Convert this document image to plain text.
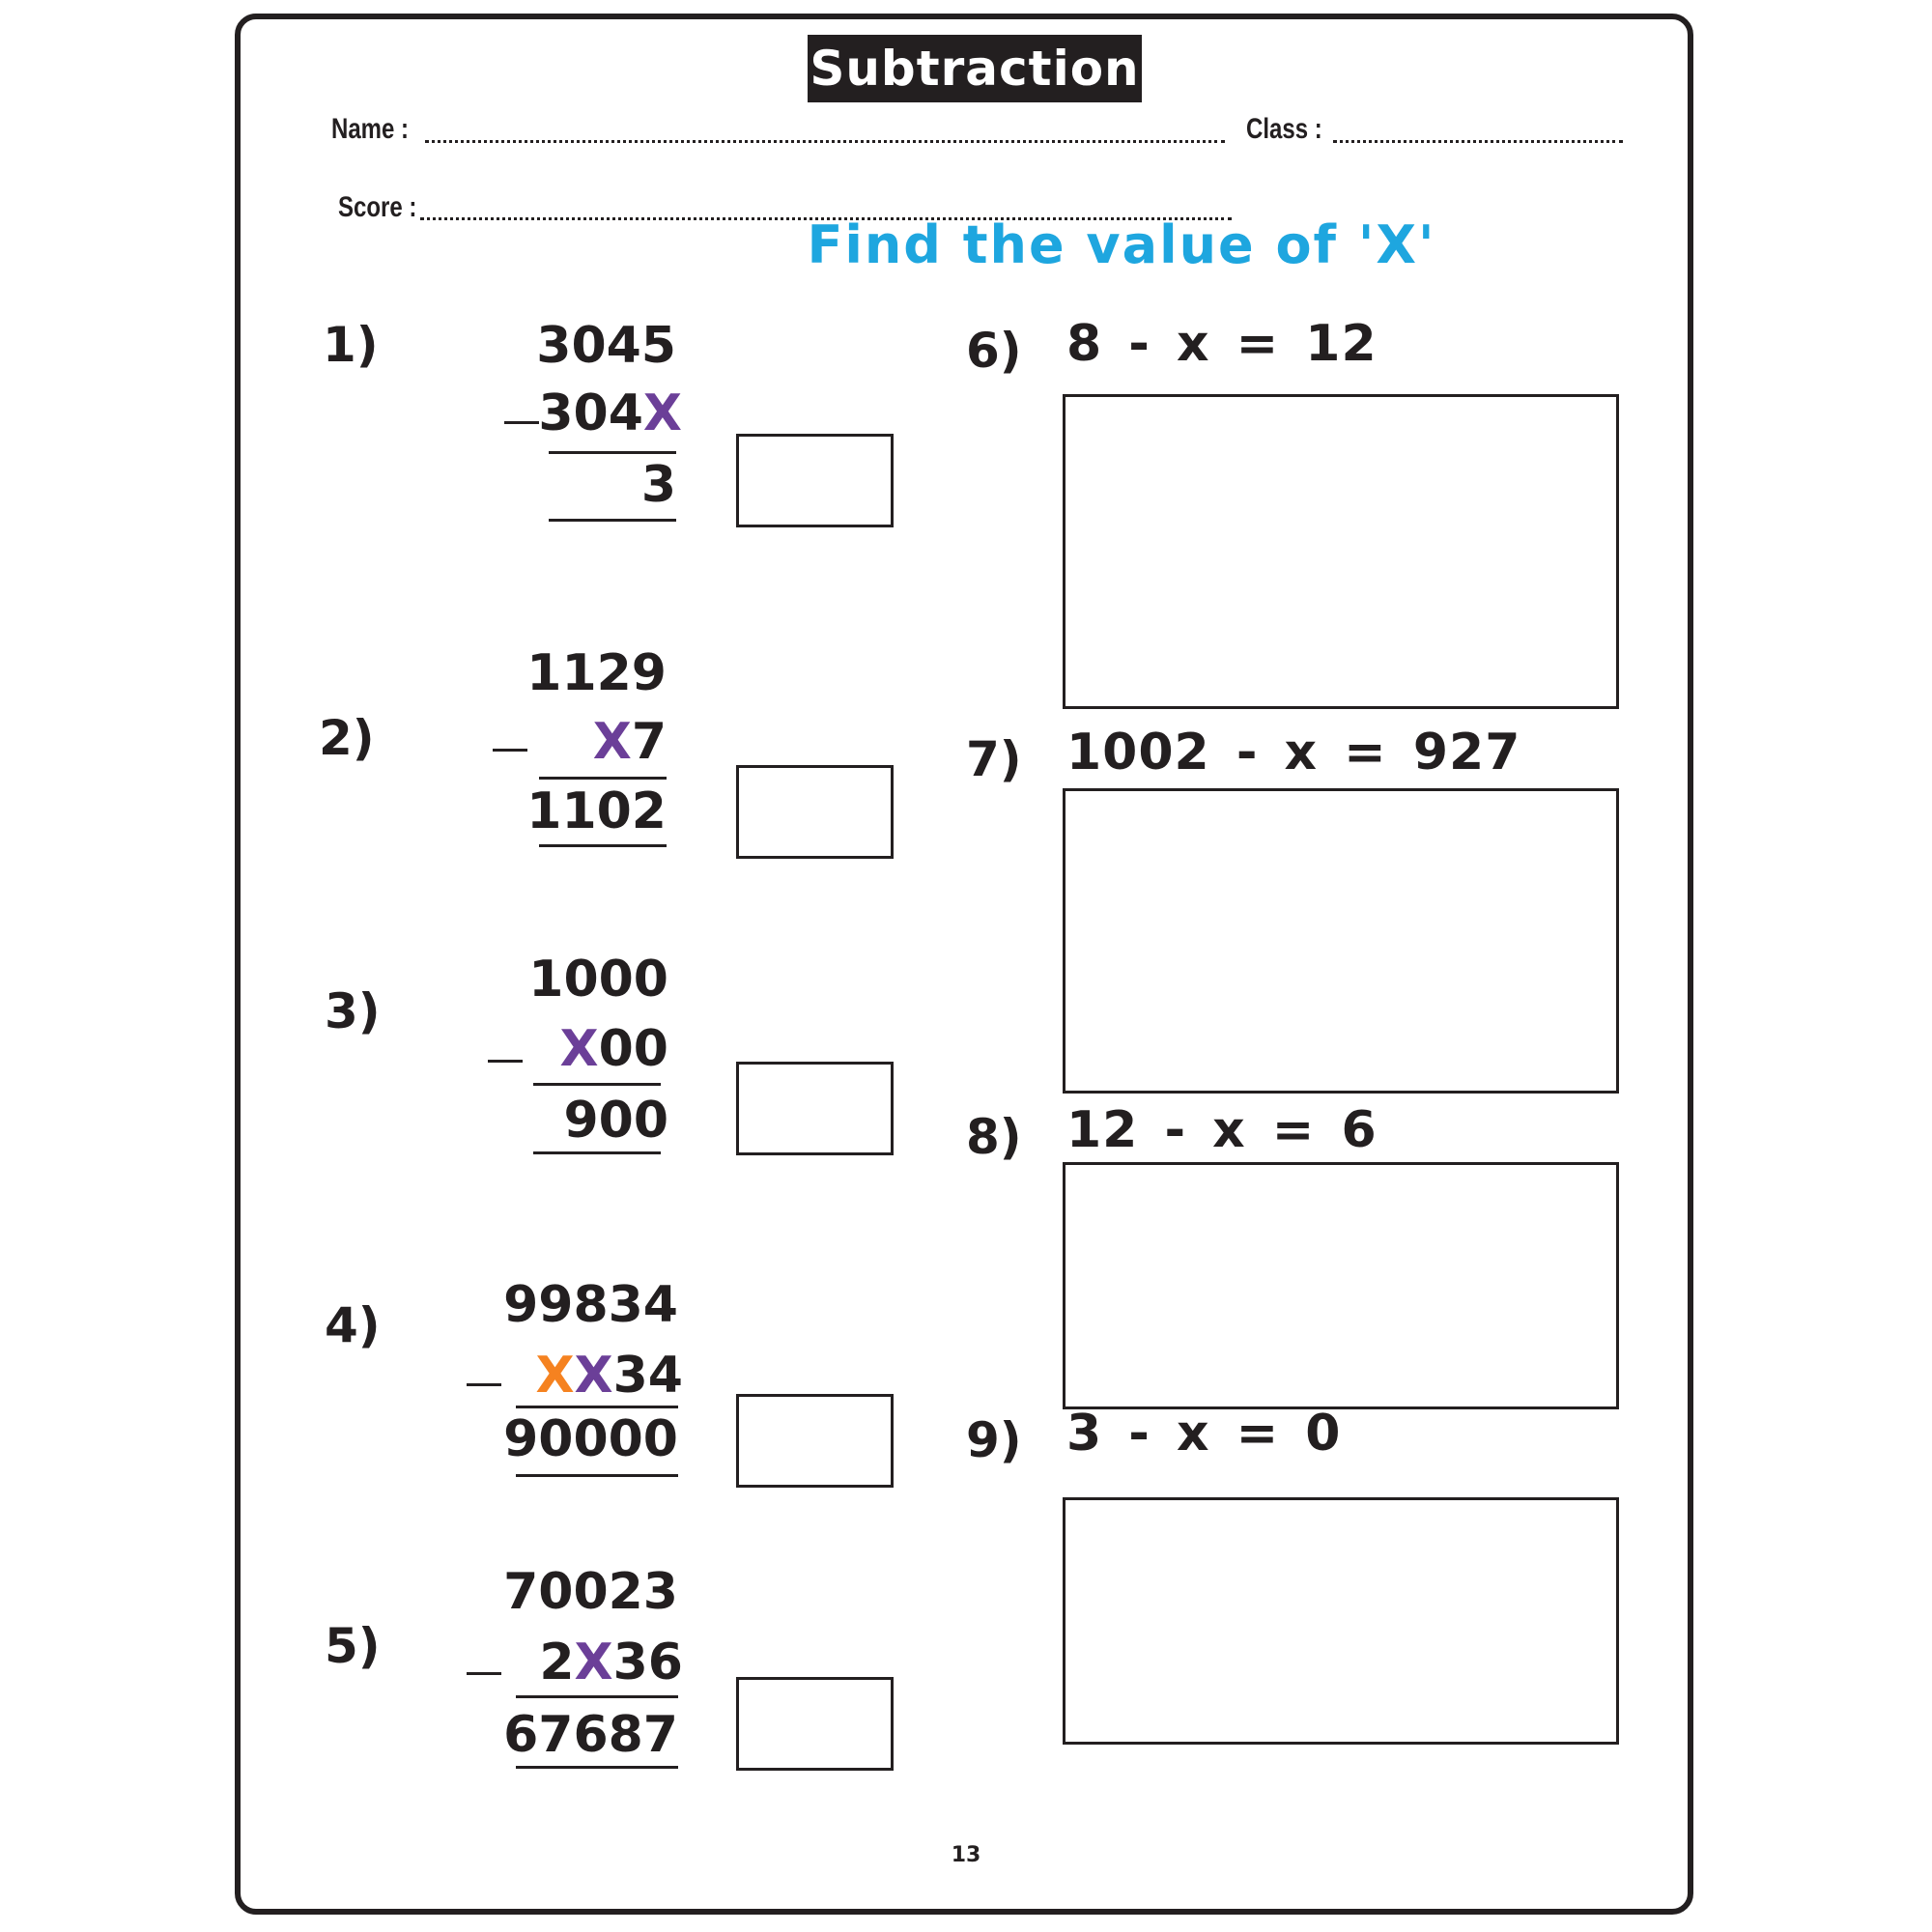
Subtraction
Name :	Class :
Score :
Find the value of 'X'
1)	3045
304X
3
2)
1129
X7
1102
3)
1000
X00
900
4)	99834
XX34
90000
5)
70023
2X36
67687
6) 8 - x = 12
7) 1002 - x = 927
8) 12 - x = 6
9) 3 - x = 0
13
